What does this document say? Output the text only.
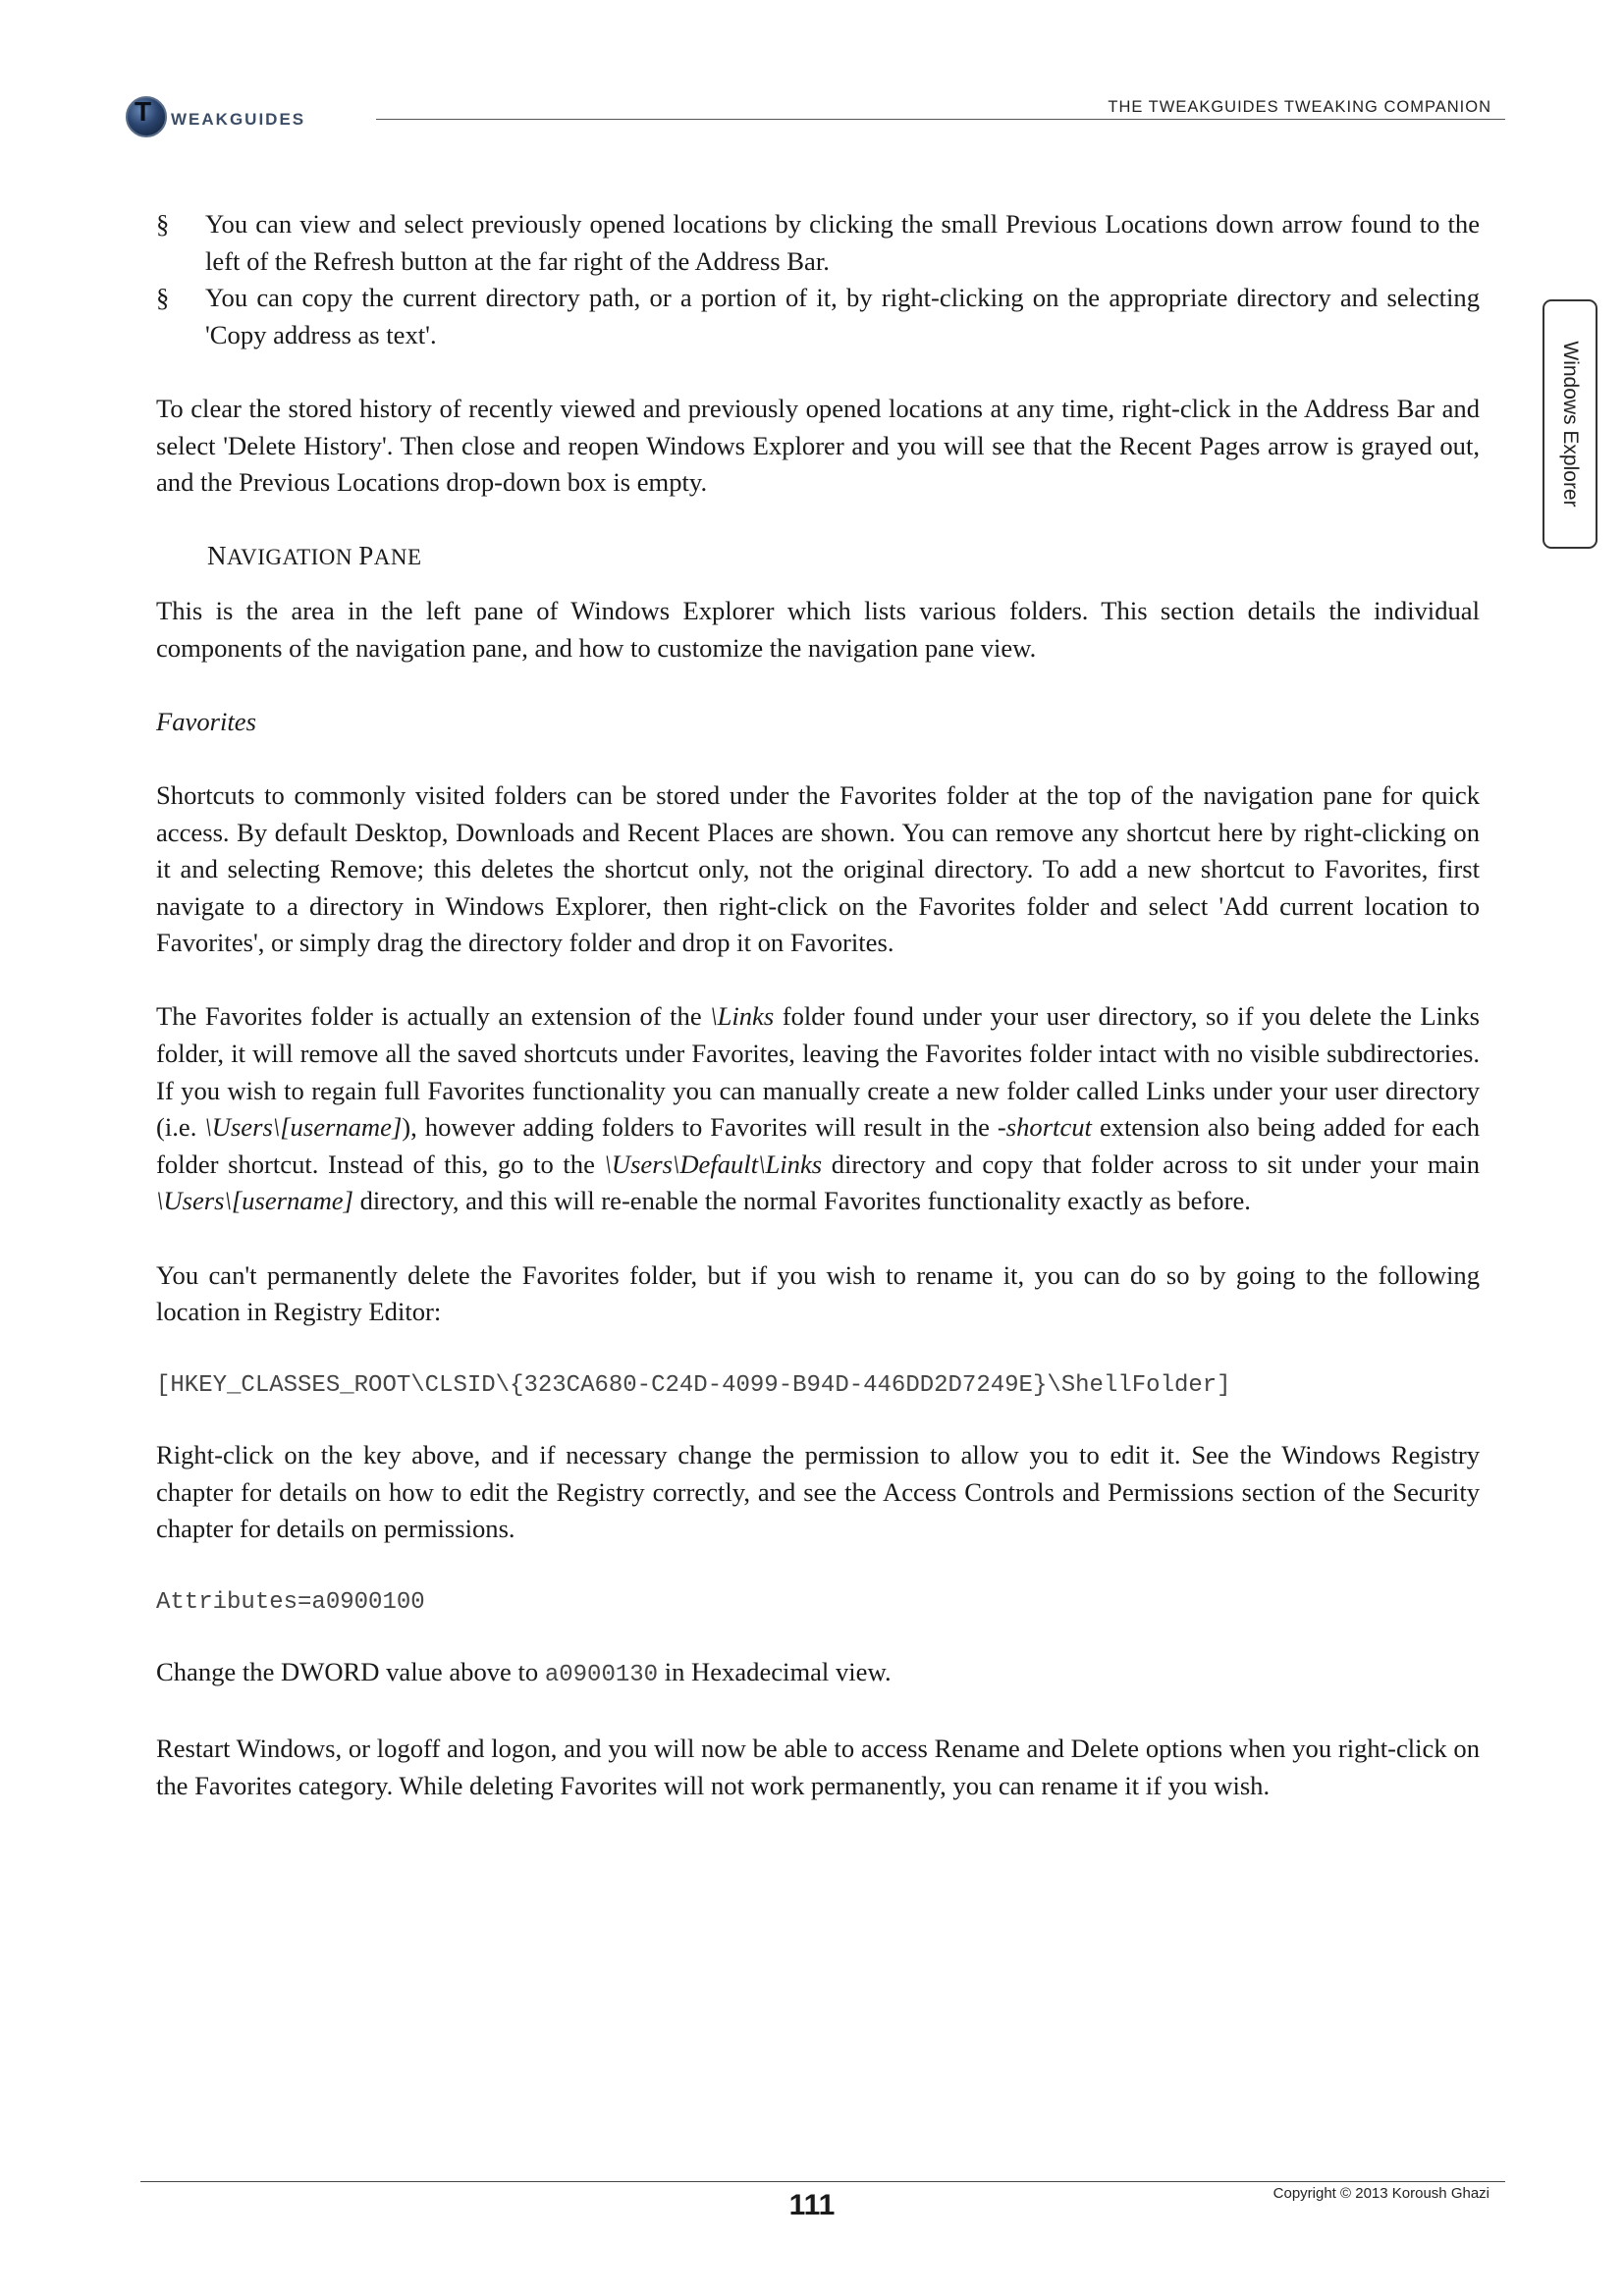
T WEAKGUIDES
THE TWEAKGUIDES TWEAKING COMPANION
Windows Explorer
§ You can view and select previously opened locations by clicking the small Previous Locations down arrow found to the left of the Refresh button at the far right of the Address Bar.
§ You can copy the current directory path, or a portion of it, by right-clicking on the appropriate directory and selecting 'Copy address as text'.

To clear the stored history of recently viewed and previously opened locations at any time, right-click in the Address Bar and select 'Delete History'. Then close and reopen Windows Explorer and you will see that the Recent Pages arrow is grayed out, and the Previous Locations drop-down box is empty.

NAVIGATION PANE

This is the area in the left pane of Windows Explorer which lists various folders. This section details the individual components of the navigation pane, and how to customize the navigation pane view.

Favorites

Shortcuts to commonly visited folders can be stored under the Favorites folder at the top of the navigation pane for quick access. By default Desktop, Downloads and Recent Places are shown. You can remove any shortcut here by right-clicking on it and selecting Remove; this deletes the shortcut only, not the original directory. To add a new shortcut to Favorites, first navigate to a directory in Windows Explorer, then right-click on the Favorites folder and select 'Add current location to Favorites', or simply drag the directory folder and drop it on Favorites.

The Favorites folder is actually an extension of the \Links folder found under your user directory, so if you delete the Links folder, it will remove all the saved shortcuts under Favorites, leaving the Favorites folder intact with no visible subdirectories. If you wish to regain full Favorites functionality you can manually create a new folder called Links under your user directory (i.e. \Users\[username]), however adding folders to Favorites will result in the -shortcut extension also being added for each folder shortcut. Instead of this, go to the \Users\Default\Links directory and copy that folder across to sit under your main \Users\[username] directory, and this will re-enable the normal Favorites functionality exactly as before.

You can't permanently delete the Favorites folder, but if you wish to rename it, you can do so by going to the following location in Registry Editor:

[HKEY_CLASSES_ROOT\CLSID\{323CA680-C24D-4099-B94D-446DD2D7249E}\ShellFolder]

Right-click on the key above, and if necessary change the permission to allow you to edit it. See the Windows Registry chapter for details on how to edit the Registry correctly, and see the Access Controls and Permissions section of the Security chapter for details on permissions.

Attributes=a0900100

Change the DWORD value above to a0900130 in Hexadecimal view.

Restart Windows, or logoff and logon, and you will now be able to access Rename and Delete options when you right-click on the Favorites category. While deleting Favorites will not work permanently, you can rename it if you wish.

111	Copyright © 2013 Koroush Ghazi
